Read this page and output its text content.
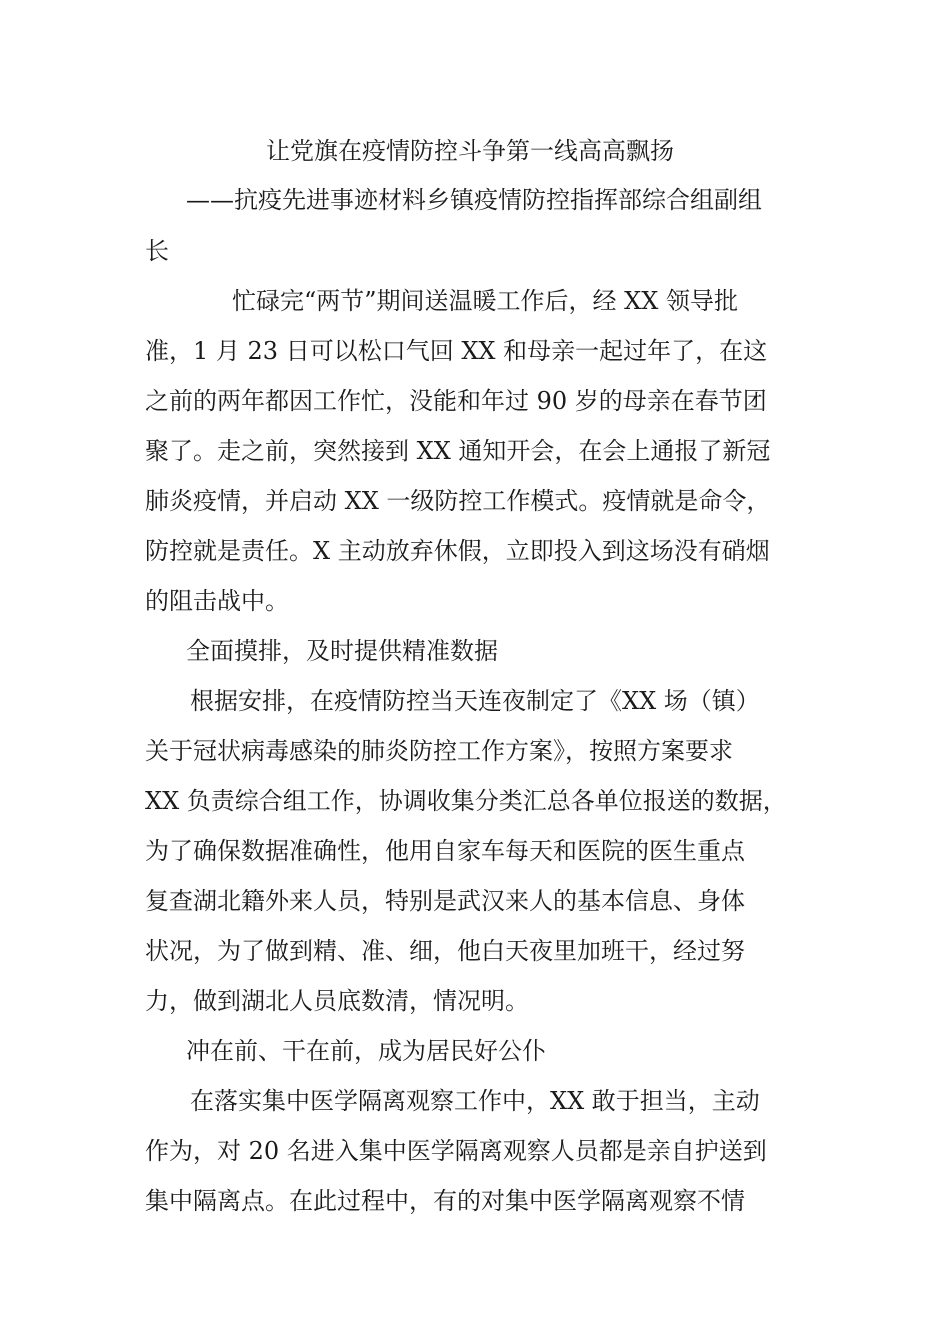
让党旗在疫情防控斗争第一线高高飘扬

——抗疫先进事迹材料乡镇疫情防控指挥部综合组副组

长

忙碌完“两节”期间送温暖工作后，经 XX 领导批

准，1 月 23 日可以松口气回 XX 和母亲一起过年了，在这

之前的两年都因工作忙，没能和年过 90 岁的母亲在春节团

聚了。走之前，突然接到 XX 通知开会，在会上通报了新冠

肺炎疫情，并启动 XX 一级防控工作模式。疫情就是命令，

防控就是责任。X 主动放弃休假，立即投入到这场没有硝烟

的阻击战中。

全面摸排，及时提供精准数据

根据安排，在疫情防控当天连夜制定了《XX 场（镇）

关于冠状病毒感染的肺炎防控工作方案》，按照方案要求

XX 负责综合组工作，协调收集分类汇总各单位报送的数据，

为了确保数据准确性，他用自家车每天和医院的医生重点

复查湖北籍外来人员，特别是武汉来人的基本信息、身体

状况，为了做到精、准、细，他白天夜里加班干，经过努

力，做到湖北人员底数清，情况明。

冲在前、干在前，成为居民好公仆

在落实集中医学隔离观察工作中，XX 敢于担当，主动

作为，对 20 名进入集中医学隔离观察人员都是亲自护送到

集中隔离点。在此过程中，有的对集中医学隔离观察不情
